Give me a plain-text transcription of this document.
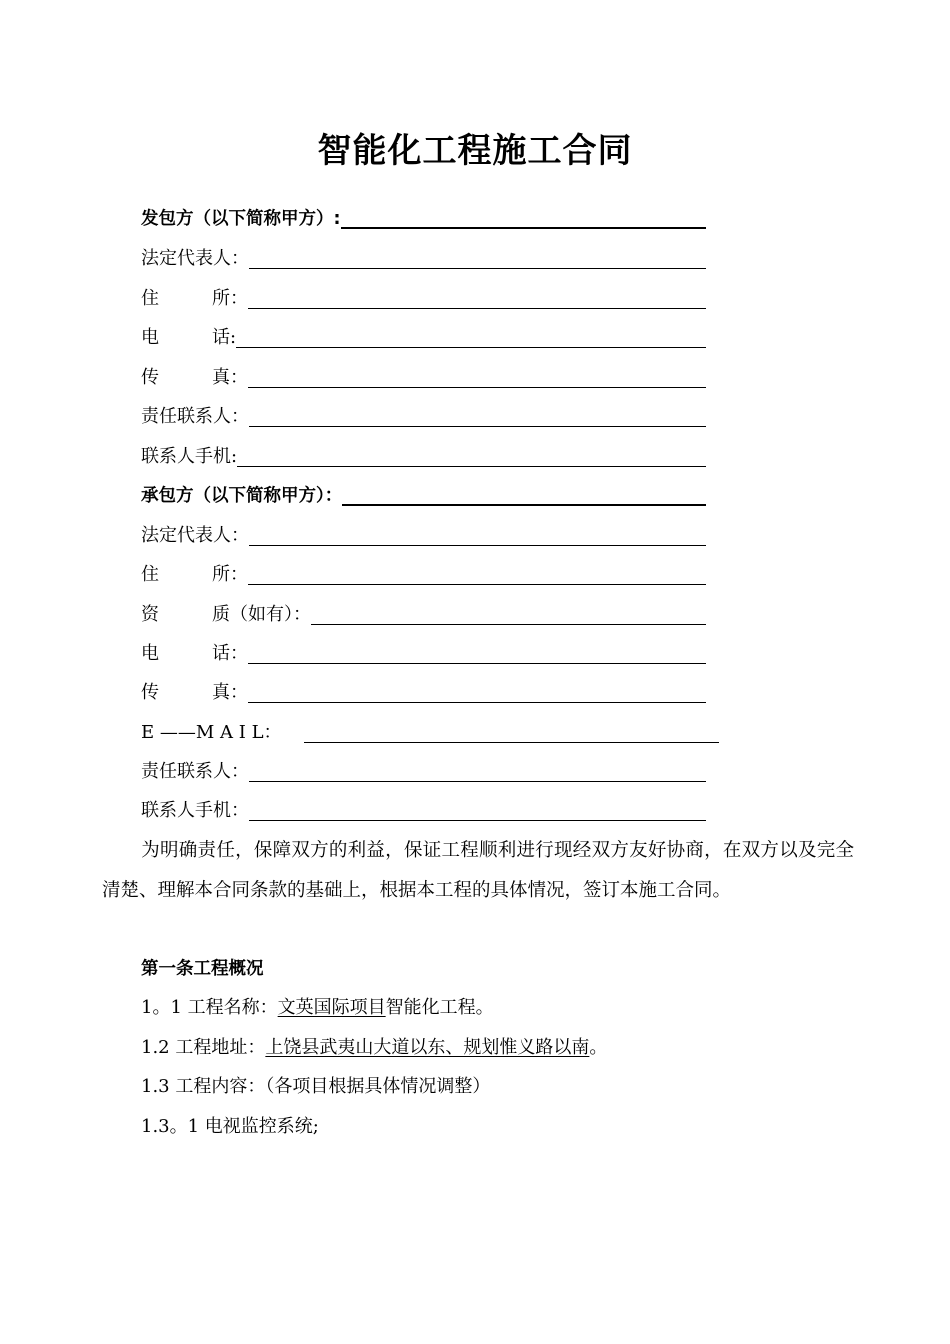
智能化工程施工合同
发包方（以下简称甲方）:
法定代表人：
住	所：
电	话:
传	真：
责任联系人：
联系人手机:
承包方（以下简称甲方）：
法定代表人：
住	所：
资	质（如有）：
电	话：
传	真：
E ——M A I L：
责任联系人：
联系人手机：
为明确责任，保障双方的利益，保证工程顺利进行现经双方友好协商，在双方以及完全清楚、理解本合同条款的基础上，根据本工程的具体情况，签订本施工合同。
第一条工程概况
1。1 工程名称：文英国际项目智能化工程。
1.2 工程地址：上饶县武夷山大道以东、规划惟义路以南。
1.3 工程内容：（各项目根据具体情况调整）
1.3。1 电视监控系统;
